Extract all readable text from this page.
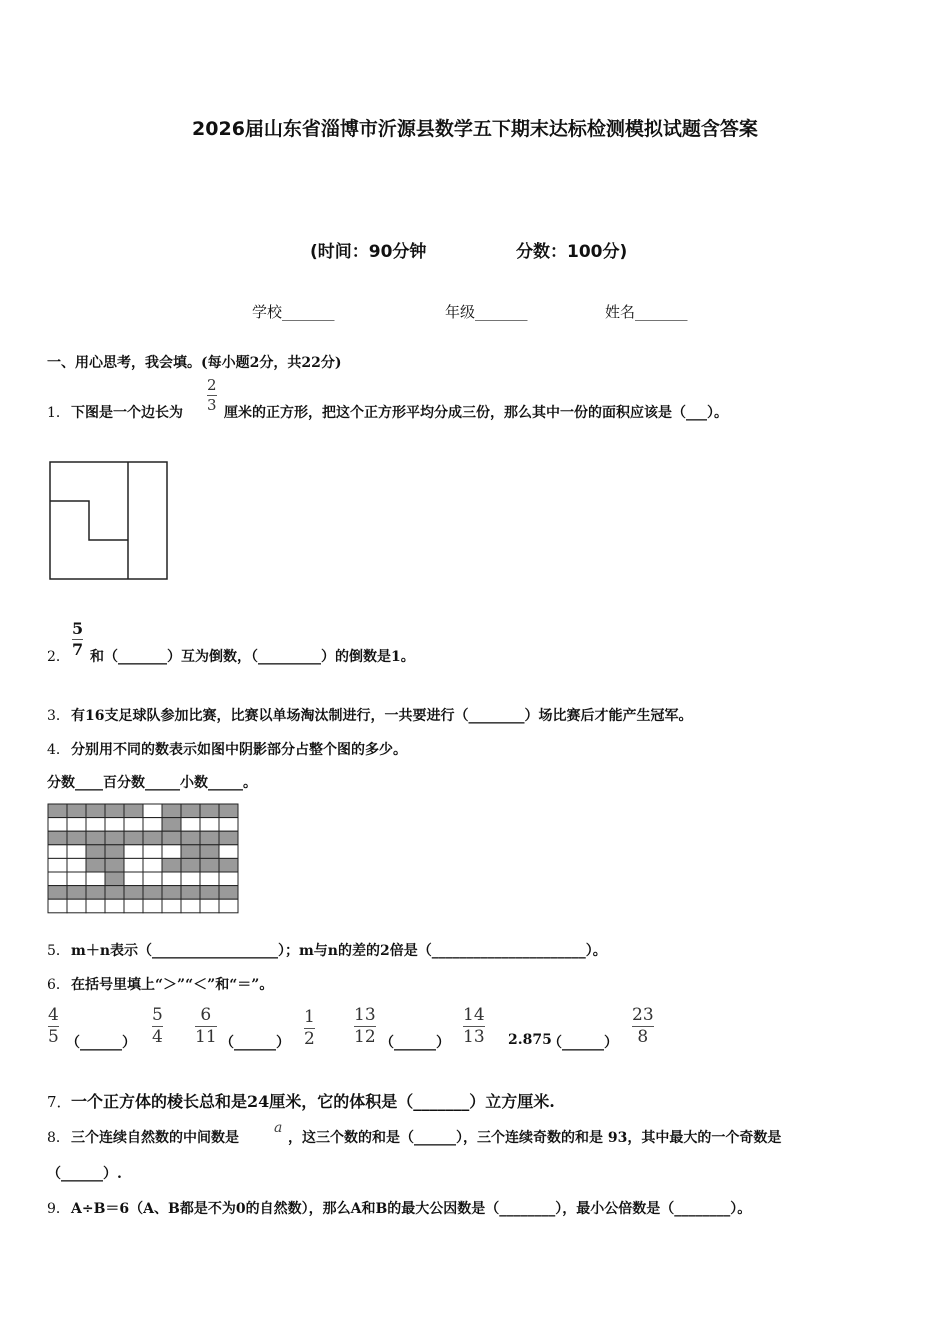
2026届山东省淄博市沂源县数学五下期末达标检测模拟试题含答案
(时间：90分钟	分数：100分)
学校_______	年级_______	姓名_______
一、用心思考，我会填。(每小题2分，共22分)
1． 下图是一个边长为
2
3 厘米的正方形，把这个正方形平均分成三份，那么其中一份的面积应该是（___）。
2．
5
7 和（_______）互为倒数，（_________）的倒数是1。
3． 有16支足球队参加比赛，比赛以单场淘汰制进行，一共要进行（________）场比赛后才能产生冠军。
4． 分别用不同的数表示如图中阴影部分占整个图的多少。
分数____百分数_____小数_____。
5． m＋n表示（__________________）；m与n的差的2倍是（______________________）。
6． 在括号里填上“＞”“＜”和“＝”。
4
5 （______）
5
4
6
11 （______）
1
2
13
12 （______）
14
13 2.875
（______）
23
8
7． 一个正方体的棱长总和是24厘米，它的体积是（_______）立方厘米.
8． 三个连续自然数的中间数是
a
，这三个数的和是（______），三个连续奇数的和是 93，其中最大的一个奇数是
（______）.
9． A÷B＝6（A、B都是不为0的自然数），那么A和B的最大公因数是（________），最小公倍数是（________）。
